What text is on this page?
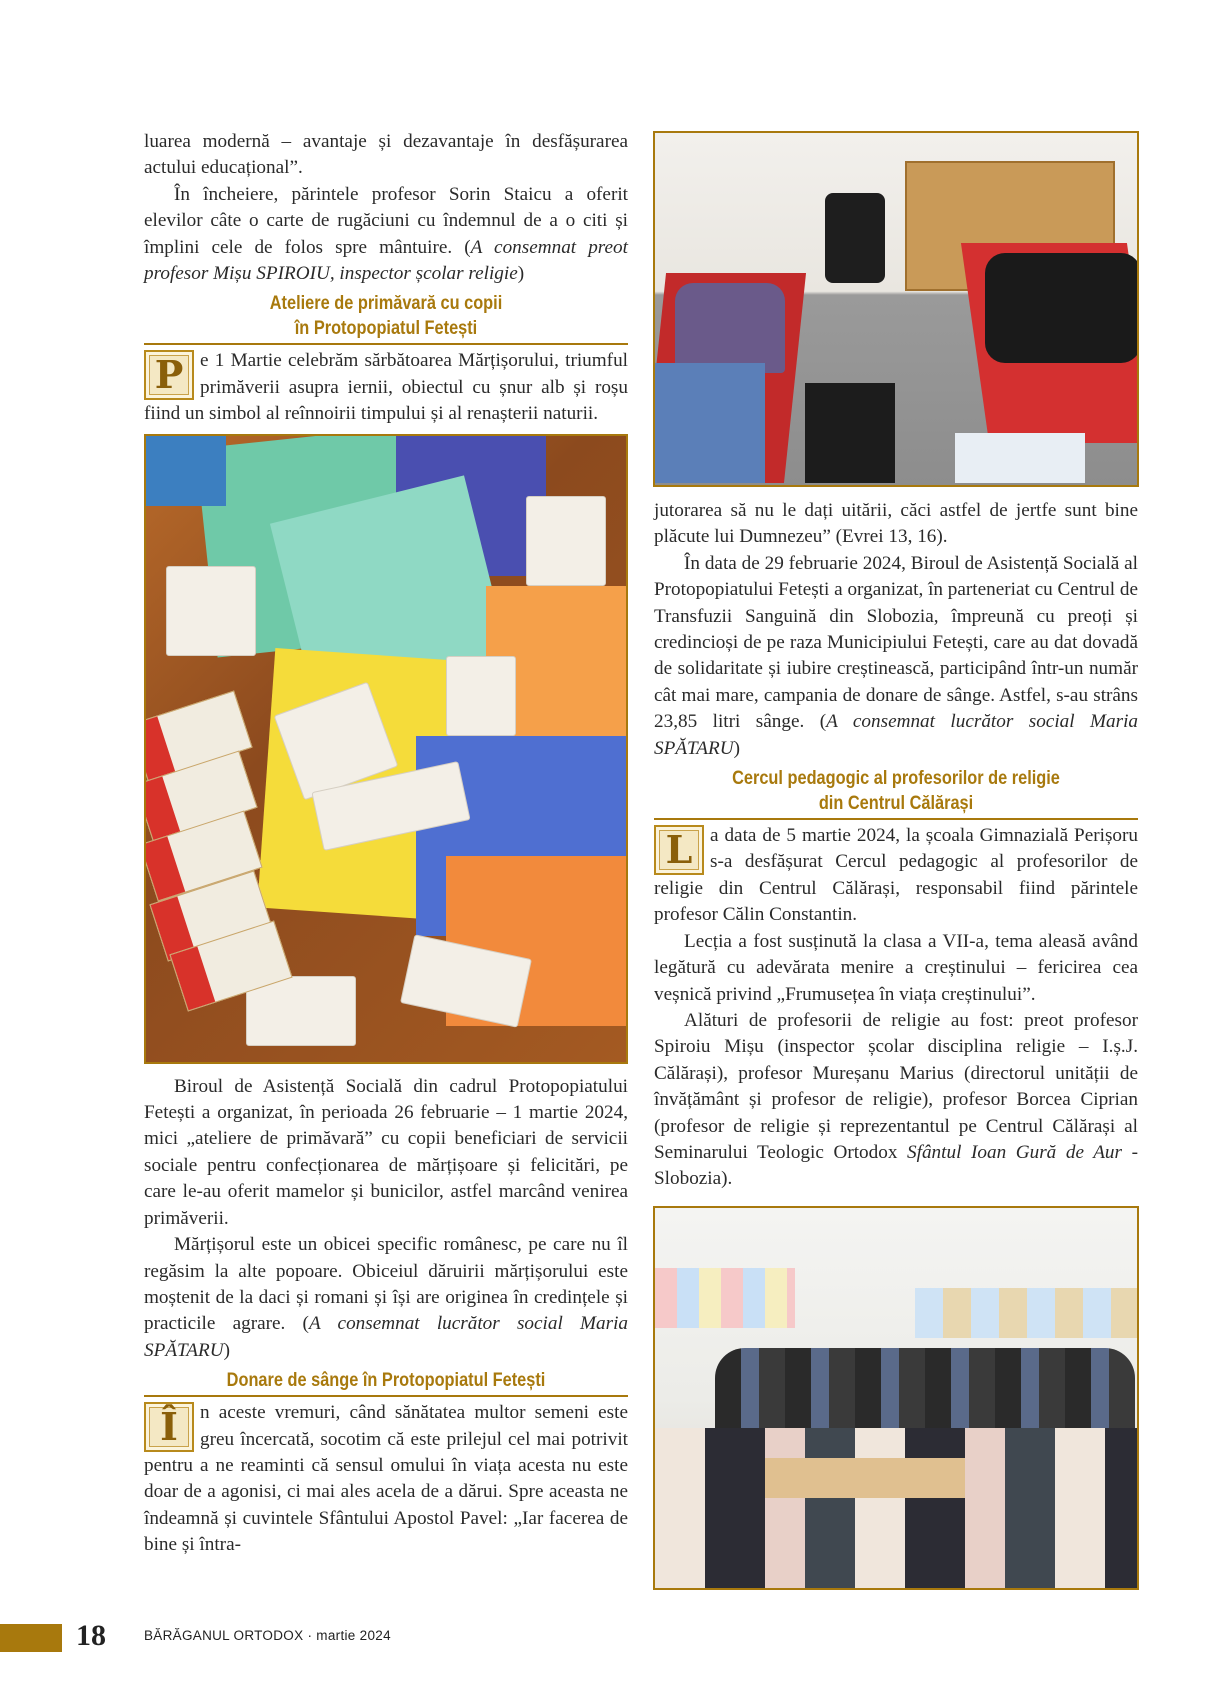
luarea modernă – avantaje și dezavantaje în desfășurarea actului educațional”.

În încheiere, părintele profesor Sorin Staicu a oferit elevilor câte o carte de rugăciuni cu îndemnul de a o citi și împlini cele de folos spre mântuire. (A consemnat preot profesor Mișu SPIROIU, inspector școlar religie)

Ateliere de primăvară cu copii
în Protopopiatul Fetești

P e 1 Martie celebrăm sărbătoarea Mărțișorului, triumful primăverii asupra iernii, obiectul cu șnur alb și roșu fiind un simbol al reînnoirii timpului și al renașterii naturii.

Biroul de Asistență Socială din cadrul Protopopiatului Fetești a organizat, în perioada 26 februarie – 1 martie 2024, mici „ateliere de primăvară” cu copii beneficiari de servicii sociale pentru confecționarea de mărțișoare și felicitări, pe care le-au oferit mamelor și bunicilor, astfel marcând venirea primăverii.

Mărțișorul este un obicei specific românesc, pe care nu îl regăsim la alte popoare. Obiceiul dăruirii mărțișorului este moștenit de la daci și romani și își are originea în credințele și practicile agrare. (A consemnat lucrător social Maria SPĂTARU)

Donare de sânge în Protopopiatul Fetești

Î	n aceste vremuri, când sănătatea multor semeni este greu încercată, socotim că este prilejul cel mai potrivit pentru a ne reaminti că sensul omului în viața acesta nu este doar de a agonisi, ci mai ales acela de a dărui. Spre aceasta ne îndeamnă și cuvintele Sfântului Apostol Pavel: „Iar facerea de bine și întra-

jutorarea să nu le dați uitării, căci astfel de jertfe sunt bine plăcute lui Dumnezeu” (Evrei 13, 16).

În data de 29 februarie 2024, Biroul de Asistență Socială al Protopopiatului Fetești a organizat, în parteneriat cu Centrul de Transfuzii Sanguină din Slobozia, împreună cu preoți și credincioși de pe raza Municipiului Fetești, care au dat dovadă de solidaritate și iubire creștinească, participând într-un număr cât mai mare, campania de donare de sânge. Astfel, s-au strâns 23,85 litri sânge. (A consemnat lucrător social Maria SPĂTARU)

Cercul pedagogic al profesorilor de religie
din Centrul Călărași

L a data de 5 martie 2024, la școala Gimnazială Perișoru s-a desfășurat Cercul pedagogic al profesorilor de religie din Centrul Călărași, responsabil fiind părintele profesor Călin Constantin.

Lecția a fost susținută la clasa a VII-a, tema aleasă având legătură cu adevărata menire a creștinului – fericirea cea veșnică privind „Frumusețea în viața creștinului”.

Alături de profesorii de religie au fost: preot profesor Spiroiu Mișu (inspector școlar disciplina religie – I.ș.J. Călărași), profesor Mureșanu Marius (directorul unității de învățământ și profesor de religie), profesor Borcea Ciprian (profesor de religie și reprezentantul pe Centrul Călărași al Seminarului Teologic Ortodox Sfântul Ioan Gură de Aur - Slobozia).

18	BĂRĂGANUL ORTODOX · martie 2024
